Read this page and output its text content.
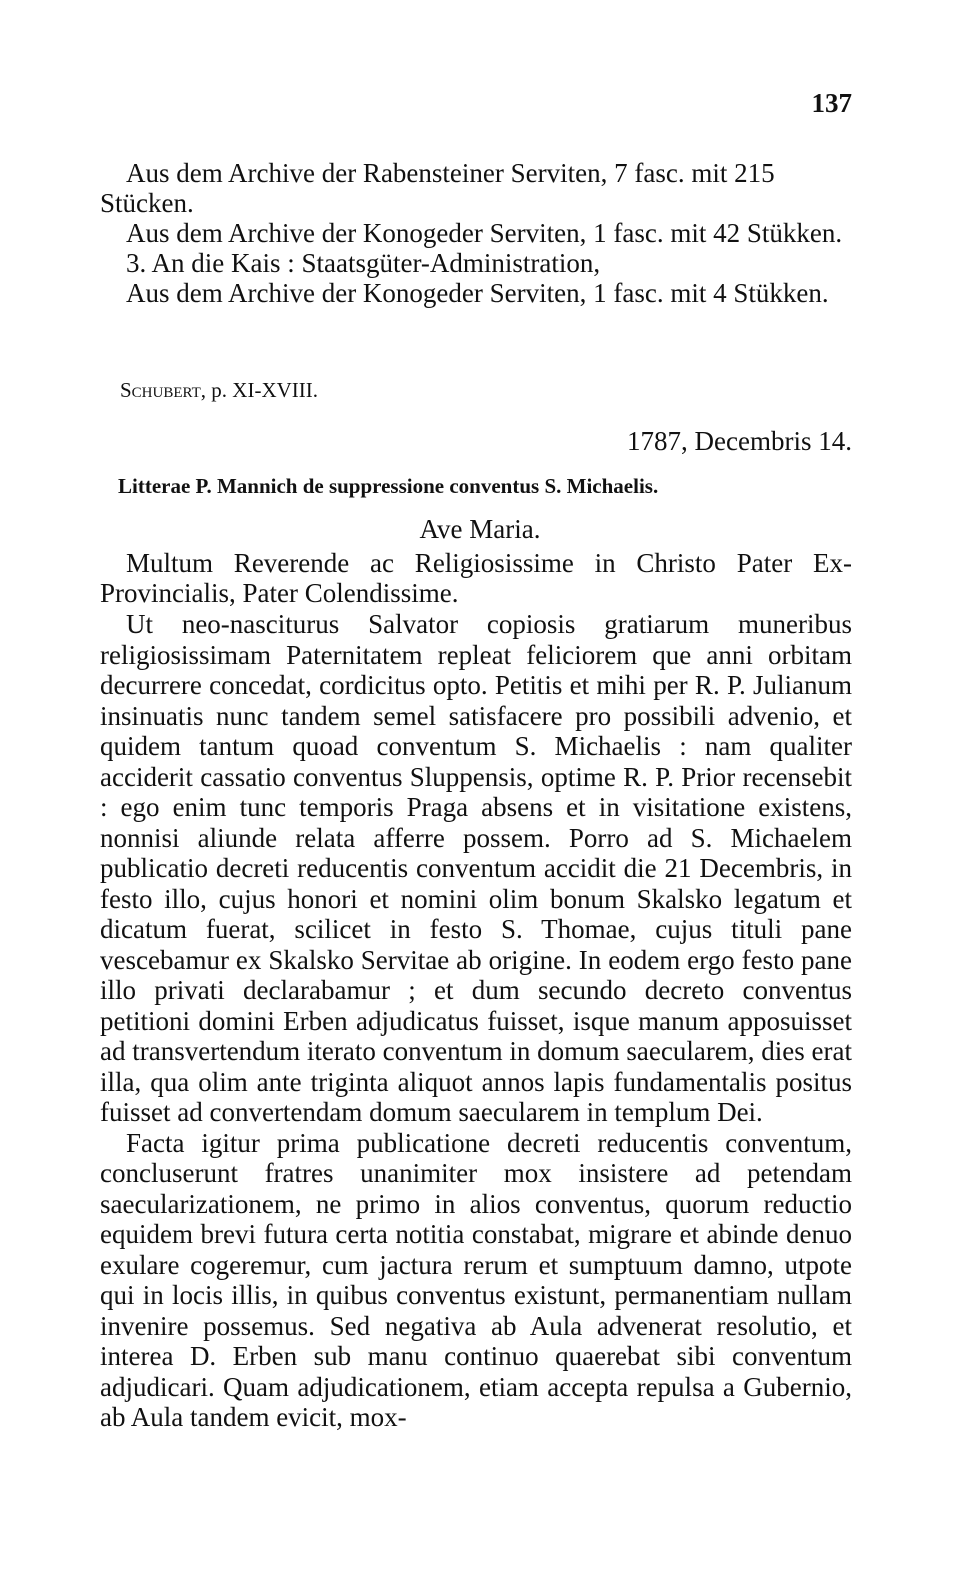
137
Aus dem Archive der Rabensteiner Serviten, 7 fasc. mit 215 Stücken.
Aus dem Archive der Konogeder Serviten, 1 fasc. mit 42 Stükken.
3. An die Kais : Staatsgüter-Administration,
Aus dem Archive der Konogeder Serviten, 1 fasc. mit 4 Stükken.
Schubert, p. XI-XVIII.
1787, Decembris 14.
Litterae P. Mannich de suppressione conventus S. Michaelis.
Ave Maria.
Multum Reverende ac Religiosissime in Christo Pater Ex- Provincialis, Pater Colendissime.

Ut neo-nasciturus Salvator copiosis gratiarum muneribus religiosissimam Paternitatem repleat feliciorem que anni orbitam decurrere concedat, cordicitus opto. Petitis et mihi per R. P. Julianum insinuatis nunc tandem semel satisfacere pro possibili advenio, et quidem tantum quoad conventum S. Michaelis : nam qualiter acciderit cassatio conventus Sluppensis, optime R. P. Prior recensebit : ego enim tunc temporis Praga absens et in visitatione existens, nonnisi aliunde relata afferre possem. Porro ad S. Michaelem publicatio decreti reducentis conventum accidit die 21 Decembris, in festo illo, cujus honori et nomini olim bonum Skalsko legatum et dicatum fuerat, scilicet in festo S. Thomae, cujus tituli pane vescebamur ex Skalsko Servitae ab origine. In eodem ergo festo pane illo privati declarabamur ; et dum secundo decreto conventus petitioni domini Erben adjudicatus fuisset, isque manum apposuisset ad transvertendum iterato conventum in domum saecularem, dies erat illa, qua olim ante triginta aliquot annos lapis fundamentalis positus fuisset ad convertendam domum saecularem in templum Dei.

Facta igitur prima publicatione decreti reducentis conventum, concluserunt fratres unanimiter mox insistere ad petendam saecularizationem, ne primo in alios conventus, quorum reductio equidem brevi futura certa notitia constabat, migrare et abinde denuo exulare cogeremur, cum jactura rerum et sumptuum damno, utpote qui in locis illis, in quibus conventus existunt, permanentiam nullam invenire possemus. Sed negativa ab Aula advenerat resolutio, et interea D. Erben sub manu continuo quaerebat sibi conventum adjudicari. Quam adjudicationem, etiam accepta repulsa a Gubernio, ab Aula tandem evicit, mox-
